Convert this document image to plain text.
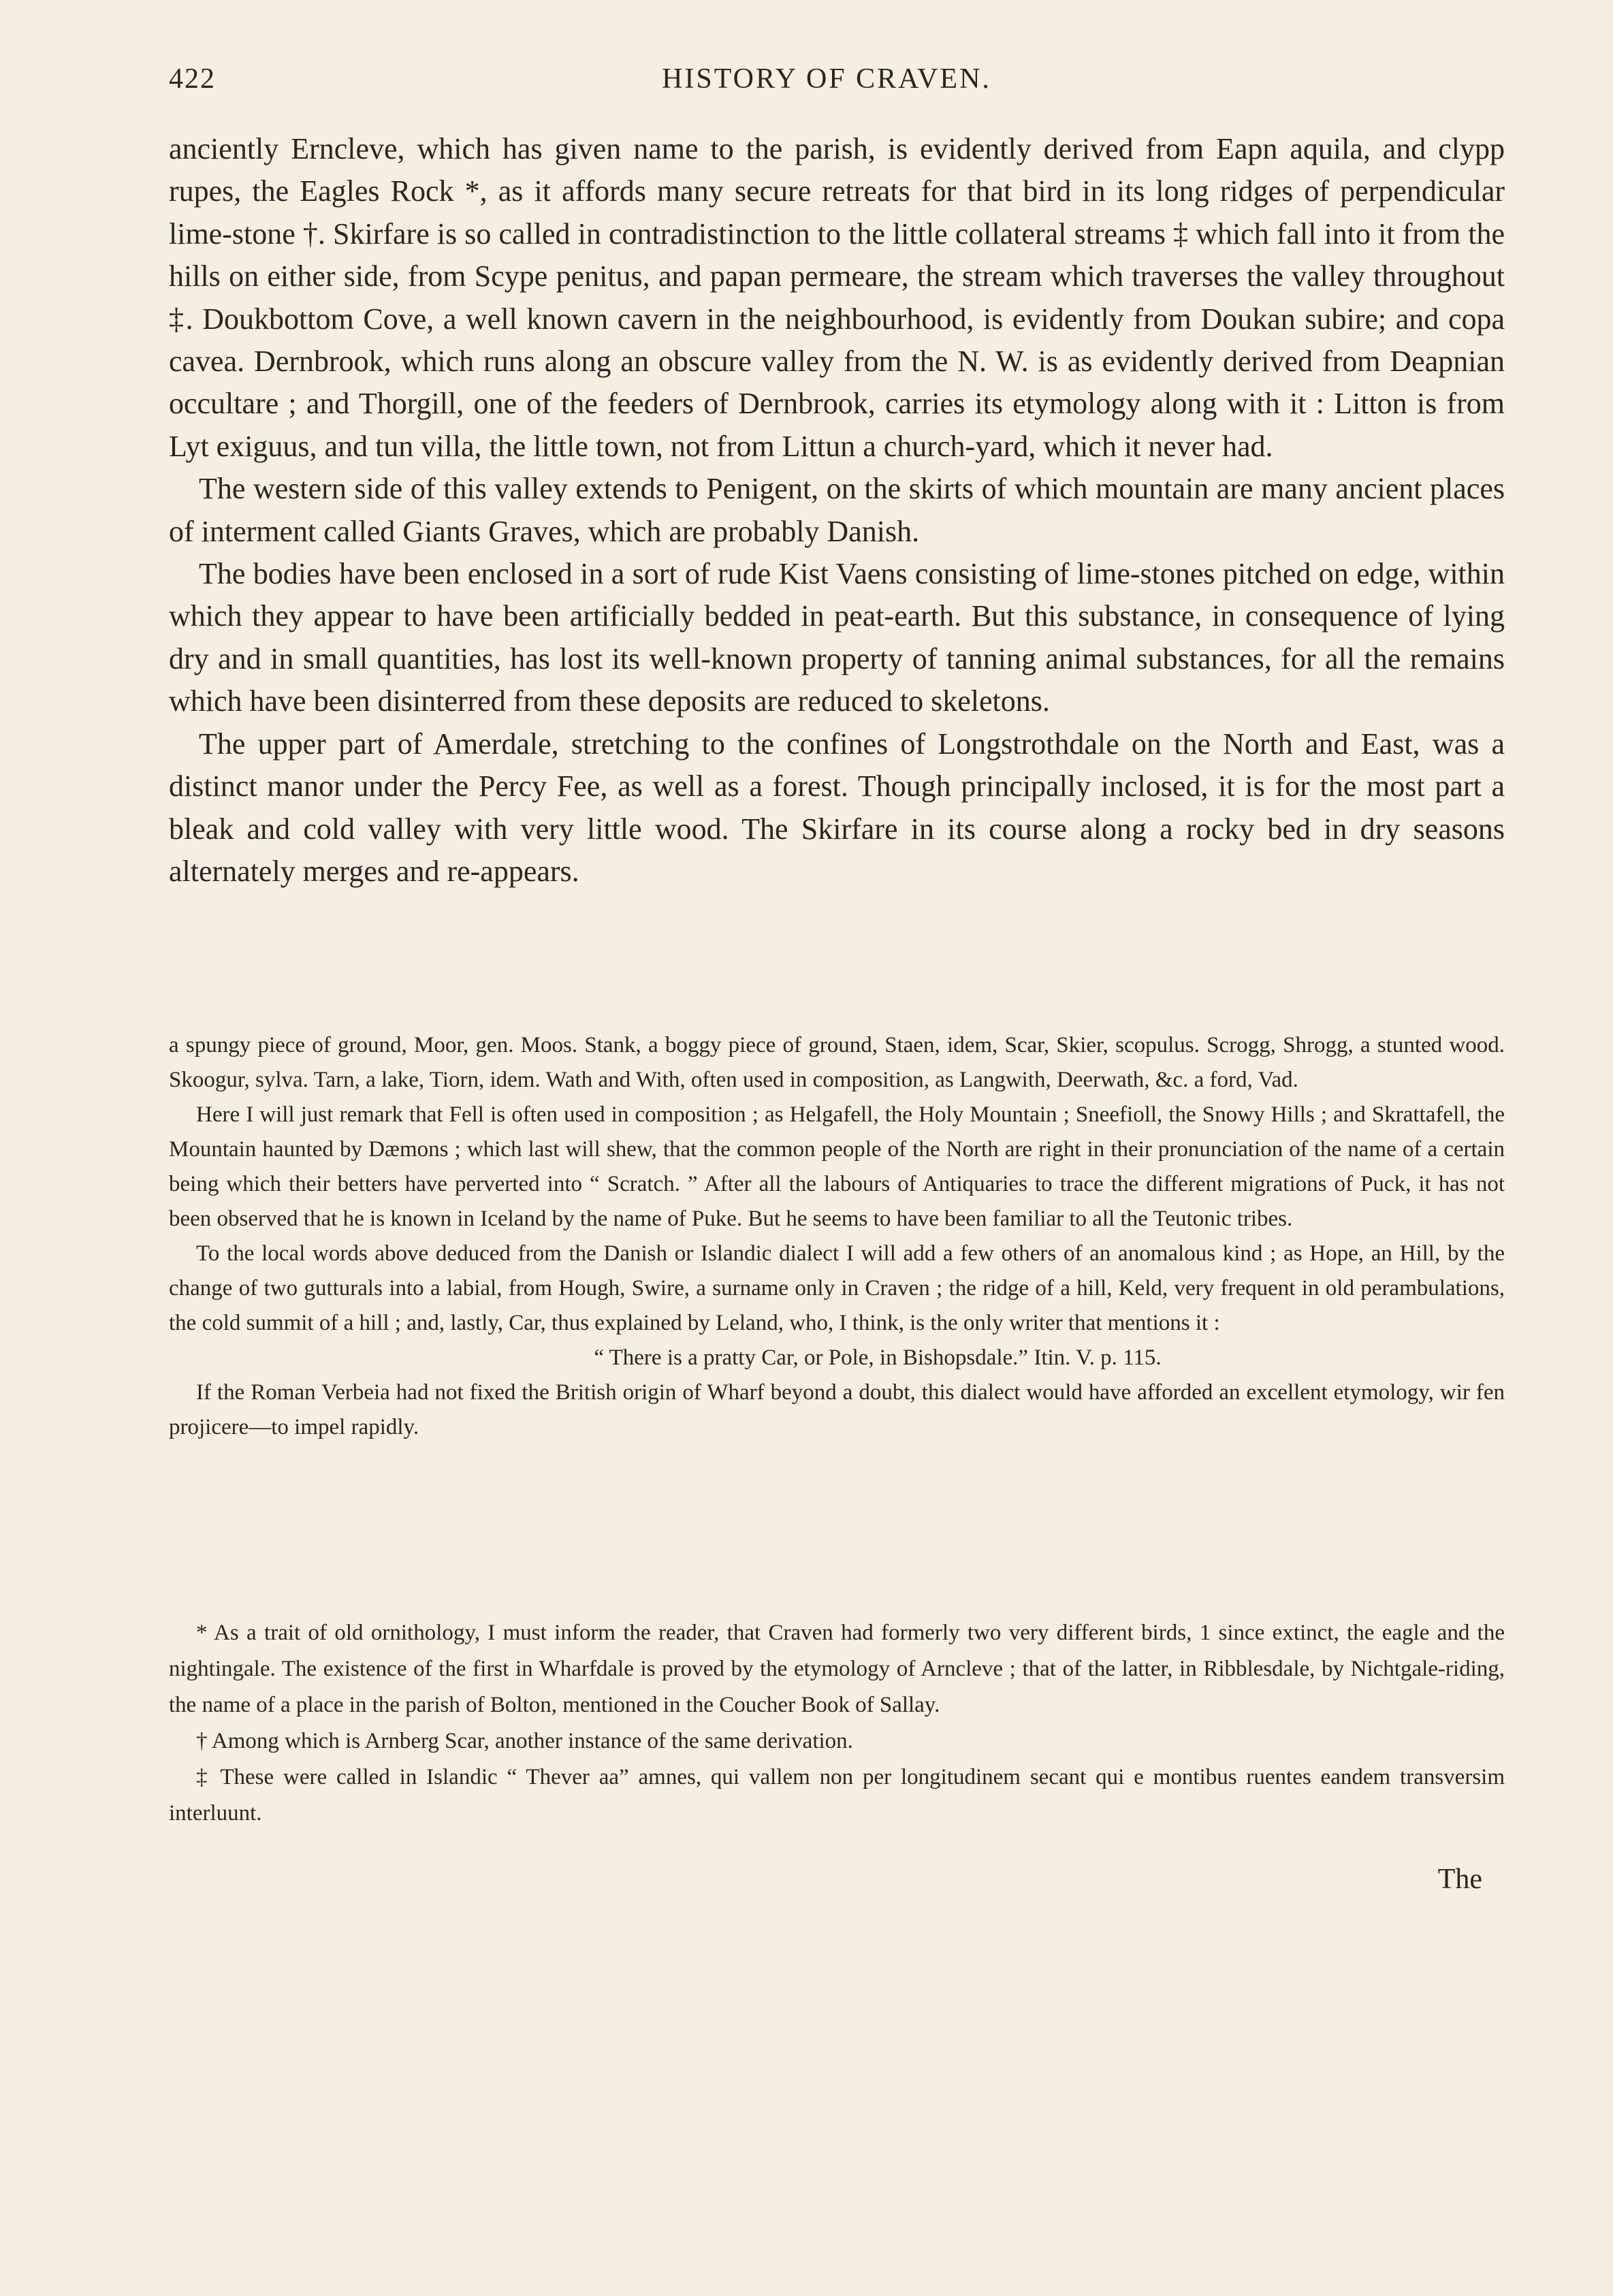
422	HISTORY OF CRAVEN.

anciently Erncleve, which has given name to the parish, is evidently derived from Eapn aquila, and clypp rupes, the Eagles Rock *, as it affords many secure retreats for that bird in its long ridges of perpendicular lime-stone †. Skirfare is so called in contradistinction to the little collateral streams ‡ which fall into it from the hills on either side, from Scype penitus, and papan permeare, the stream which traverses the valley throughout ‡. Doukbottom Cove, a well known cavern in the neighbourhood, is evidently from Doukan subire; and copa cavea. Dernbrook, which runs along an obscure valley from the N. W. is as evidently derived from Deapnian occultare ; and Thorgill, one of the feeders of Dernbrook, carries its etymology along with it : Litton is from Lyt exiguus, and tun villa, the little town, not from Littun a church-yard, which it never had.

The western side of this valley extends to Penigent, on the skirts of which mountain are many ancient places of interment called Giants Graves, which are probably Danish.

The bodies have been enclosed in a sort of rude Kist Vaens consisting of lime-stones pitched on edge, within which they appear to have been artificially bedded in peat-earth. But this substance, in consequence of lying dry and in small quantities, has lost its well-known property of tanning animal substances, for all the remains which have been disinterred from these deposits are reduced to skeletons.

The upper part of Amerdale, stretching to the confines of Longstrothdale on the North and East, was a distinct manor under the Percy Fee, as well as a forest. Though principally inclosed, it is for the most part a bleak and cold valley with very little wood. The Skirfare in its course along a rocky bed in dry seasons alternately merges and re-appears.

a spungy piece of ground, Moor, gen. Moos. Stank, a boggy piece of ground, Staen, idem, Scar, Skier, scopulus. Scrogg, Shrogg, a stunted wood. Skoogur, sylva. Tarn, a lake, Tiorn, idem. Wath and With, often used in composition, as Langwith, Deerwath, &c. a ford, Vad.

Here I will just remark that Fell is often used in composition ; as Helgafell, the Holy Mountain ; Sneefioll, the Snowy Hills ; and Skrattafell, the Mountain haunted by Dæmons ; which last will shew, that the common people of the North are right in their pronunciation of the name of a certain being which their betters have perverted into “ Scratch. ” After all the labours of Antiquaries to trace the different migrations of Puck, it has not been observed that he is known in Iceland by the name of Puke. But he seems to have been familiar to all the Teutonic tribes.

To the local words above deduced from the Danish or Islandic dialect I will add a few others of an anomalous kind ; as Hope, an Hill, by the change of two gutturals into a labial, from Hough, Swire, a surname only in Craven ; the ridge of a hill, Keld, very frequent in old perambulations, the cold summit of a hill ; and, lastly, Car, thus explained by Leland, who, I think, is the only writer that mentions it :

“ There is a pratty Car, or Pole, in Bishopsdale.” Itin. V. p. 115.

If the Roman Verbeia had not fixed the British origin of Wharf beyond a doubt, this dialect would have afforded an excellent etymology, wir fen projicere—to impel rapidly.

* As a trait of old ornithology, I must inform the reader, that Craven had formerly two very different birds, 1 since extinct, the eagle and the nightingale. The existence of the first in Wharfdale is proved by the etymology of Arncleve ; that of the latter, in Ribblesdale, by Nichtgale-riding, the name of a place in the parish of Bolton, mentioned in the Coucher Book of Sallay.

† Among which is Arnberg Scar, another instance of the same derivation.

‡ These were called in Islandic “ Thever aa” amnes, qui vallem non per longitudinem secant qui e montibus ruentes eandem transversim interluunt.

The
